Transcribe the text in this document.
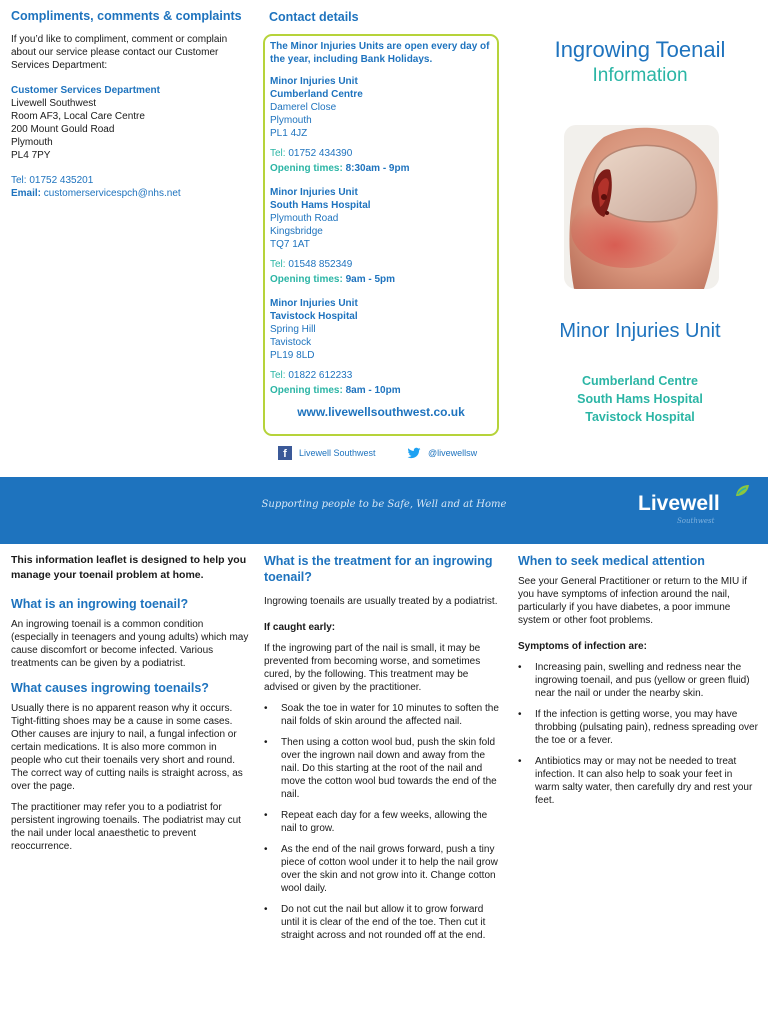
Compliments, comments & complaints

If you’d like to compliment, comment or complain about our service please contact our Customer Services Department:

Customer Services Department

Livewell Southwest

Room AF3, Local Care Centre

200 Mount Gould Road

Plymouth

PL4 7PY

Tel: 01752 435201

Email: customerservicespch@nhs.net

Contact details

The Minor Injuries Units are open every day of the year, including Bank Holidays.

Minor Injuries Unit

Cumberland Centre

Damerel Close

Plymouth

PL1 4JZ

Tel: 01752 434390

Opening times: 8:30am - 9pm

Minor Injuries Unit

South Hams Hospital

Plymouth Road

Kingsbridge

TQ7 1AT

Tel: 01548 852349

Opening times: 9am - 5pm

Minor Injuries Unit

Tavistock Hospital

Spring Hill

Tavistock

PL19 8LD

Tel: 01822 612233

Opening times: 8am - 10pm

www.livewellsouthwest.co.uk

f	Livewell Southwest	@livewellsw
Ingrowing Toenail
Information
Minor Injuries Unit
Cumberland Centre
South Hams Hospital
Tavistock Hospital
Supporting people to be Safe, Well and at Home	Livewell
Southwest

This information leaflet is designed to help you manage your toenail problem at home.

What is an ingrowing toenail?

An ingrowing toenail is a common condition (especially in teenagers and young adults) which may cause discomfort or become infected. Various treatments can be given by a podiatrist.

What causes ingrowing toenails?

Usually there is no apparent reason why it occurs. Tight-fitting shoes may be a cause in some cases. Other causes are injury to nail, a fungal infection or certain medications. It is also more common in people who cut their toenails very short and round. The correct way of cutting nails is straight across, as over the page.

The practitioner may refer you to a podiatrist for persistent ingrowing toenails. The podiatrist may cut the nail under local anaesthetic to prevent reoccurrence.

What is the treatment for an ingrowing toenail?

Ingrowing toenails are usually treated by a podiatrist.

If caught early:

If the ingrowing part of the nail is small, it may be prevented from becoming worse, and sometimes cured, by the following. This treatment may be advised or given by the practitioner.

• Soak the toe in water for 10 minutes to soften the nail folds of skin around the affected nail.
• Then using a cotton wool bud, push the skin fold over the ingrown nail down and away from the nail. Do this starting at the root of the nail and move the cotton wool bud towards the end of the nail.
• Repeat each day for a few weeks, allowing the nail to grow.
• As the end of the nail grows forward, push a tiny piece of cotton wool under it to help the nail grow over the skin and not grow into it. Change cotton wool daily.
• Do not cut the nail but allow it to grow forward until it is clear of the end of the toe. Then cut it straight across and not rounded off at the end.
When to seek medical attention

See your General Practitioner or return to the MIU if you have symptoms of infection around the nail, particularly if you have diabetes, a poor immune system or other foot problems.

Symptoms of infection are:

• Increasing pain, swelling and redness near the ingrowing toenail, and pus (yellow or green fluid) near the nail or under the nearby skin.
• If the infection is getting worse, you may have throbbing (pulsating pain), redness spreading over the toe or a fever.
• Antibiotics may or may not be needed to treat infection. It can also help to soak your feet in warm salty water, then carefully dry and rest your feet.
